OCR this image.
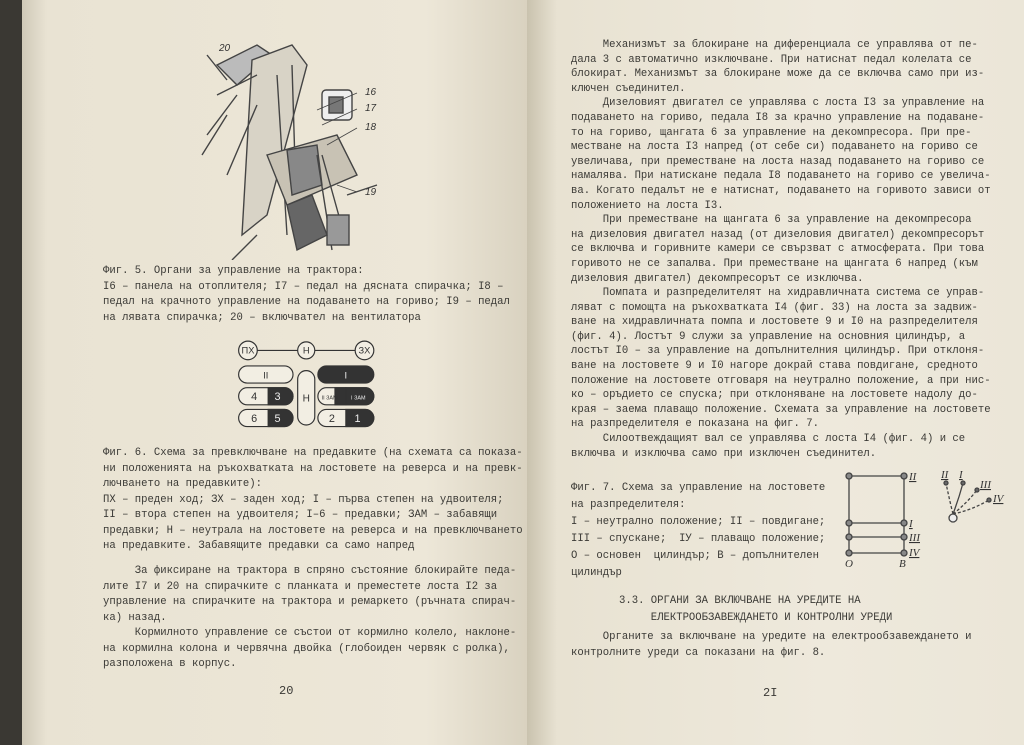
20
16
17
18
19
Фиг. 5. Органи за управление на трактора:
I6 – панела на отоплителя; I7 – педал на дясната спирачка; I8 –
педал на крачното управление на подаването на гориво; I9 – педал
на лявата спирачка; 20 – включвател на вентилатора
ПХ	Н	ЗХ
II	I
4 3	II ЗАМ I ЗАМ
6 5	2 1
Н
Фиг. 6. Схема за превключване на предавките (на схемата са показа-
ни положенията на ръкохватката на лостовете на реверса и на превк-
лючването на предавките):
ПХ – преден ход; ЗХ – заден ход; I – първа степен на удвоителя;
II – втора степен на удвоителя; I–6 – предавки; ЗАМ – забавящи
предавки; Н – неутрала на лостовете на реверса и на превключването
на предавките. Забавящите предавки са само напред
За фиксиране на трактора в спряно състояние блокирайте педа-
лите I7 и 20 на спирачките с планката и преместете лоста I2 за
управление на спирачките на трактора и ремаркето (ръчната спирач-
ка) назад.
Кормилното управление се състои от кормилно колело, наклоне-
на кормилна колона и червячна двойка (глобоиден червяк с ролка),
разположена в корпус.
20
Механизмът за блокиране на диференциала се управлява от пе-
дала 3 с автоматично изключване. При натиснат педал колелата се
блокират. Механизмът за блокиране може да се включва само при из-
ключен съединител.
Дизеловият двигател се управлява с лоста I3 за управление на
подаването на гориво, педала I8 за крачно управление на подаване-
то на гориво, щангата 6 за управление на декомпресора. При пре-
местване на лоста I3 напред (от себе си) подаването на гориво се
увеличава, при преместване на лоста назад подаването на гориво се
намалява. При натискане педала I8 подаването на гориво се увелича-
ва. Когато педалът не е натиснат, подаването на горивото зависи от
положението на лоста I3.
При преместване на щангата 6 за управление на декомпресора
на дизеловия двигател назад (от дизеловия двигател) декомпресорът
се включва и горивните камери се свързват с атмосферата. При това
горивото не се запалва. При преместване на щангата 6 напред (към
дизеловия двигател) декомпресорът се изключва.
Помпата и разпределителят на хидравличната система се управ-
ляват с помощта на ръкохватката I4 (фиг. 33) на лоста за задвиж-
ване на хидравличната помпа и лостовете 9 и I0 на разпределителя
(фиг. 4). Лостът 9 служи за управление на основния цилиндър, а
лостът I0 – за управление на допълнителния цилиндър. При отклоня-
ване на лостовете 9 и I0 нагоре докрай става повдигане, средното
положение на лостовете отговаря на неутрално положение, а при нис-
ко – оръдието се спуска; при отклоняване на лостовете надолу до-
края – заема плаващо положение. Схемата за управление на лостовете
на разпределителя е показана на фиг. 7.
Силоотвеждащият вал се управлява с лоста I4 (фиг. 4) и се
включва и изключва само при изключен съединител.
Фиг. 7. Схема за управление на лостовете
на разпределителя:
I – неутрално положение; II – повдигане;
III – спускане;  IУ – плаващо положение;
О – основен  цилиндър; В – допълнителен
цилиндър
II
I
III
IV
II I
III
IV
О	В
3.3. ОРГАНИ ЗА ВКЛЮЧВАНЕ НА УРЕДИТЕ НА
ЕЛЕКТРООБЗАВЕЖДАНЕТО И КОНТРОЛНИ УРЕДИ
Органите за включване на уредите на електрообзавеждането и
контролните уреди са показани на фиг. 8.
2I
